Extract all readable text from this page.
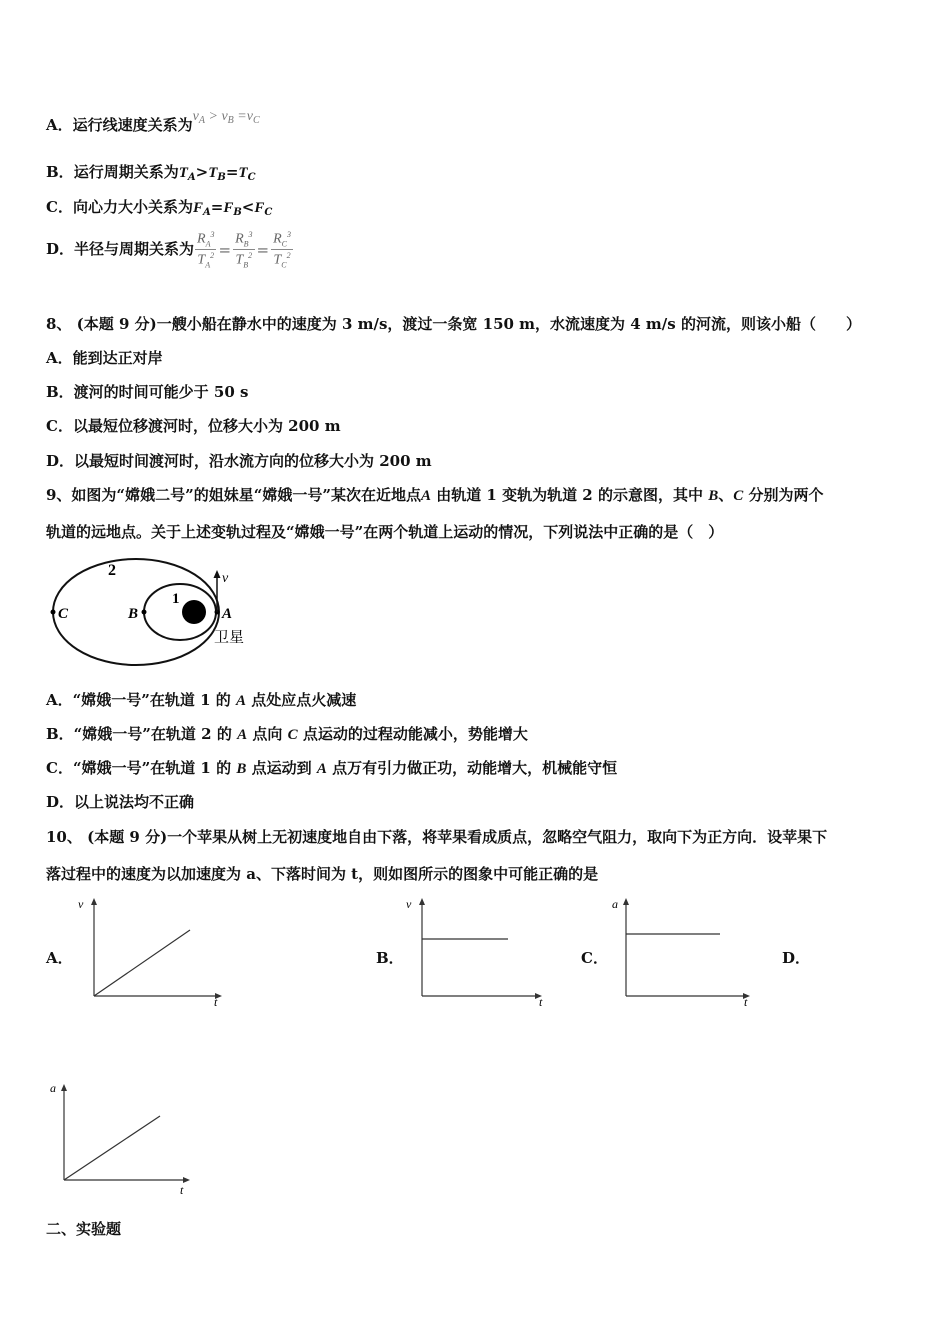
A．运行线速度关系为$v_A > v_B =v_C$
B．运行周期关系为$T_A>T_B=T_C$
C．向心力大小关系为$F_A=F_B<F_C$
D．半径与周期关系为 $\frac{R_A^3}{T_A^2} = \frac{R_B^3}{T_B^2} = \frac{R_C^3}{T_C^2}$
8、 (本题 9 分)一艘小船在静水中的速度为 3 m/s，渡过一条宽 150 m，水流速度为 4 m/s 的河流，则该小船（　　）
A．能到达正对岸
B．渡河的时间可能少于 50 s
C．以最短位移渡河时，位移大小为 200 m
D．以最短时间渡河时，沿水流方向的位移大小为 200 m
9、如图为“嫦娥二号”的姐妹星“嫦娥一号”某次在近地点A 由轨道 1 变轨为轨道 2 的示意图，其中 B、C 分别为两个
轨道的远地点。关于上述变轨过程及“嫦娥一号”在两个轨道上运动的情况，下列说法中正确的是（　）
2
1
C	B	A
v
卫星
A．“嫦娥一号”在轨道 1 的 A 点处应点火减速
B．“嫦娥一号”在轨道 2 的 A 点向 C 点运动的过程动能减小，势能增大
C．“嫦娥一号”在轨道 1 的 B 点运动到 A 点万有引力做正功，动能增大，机械能守恒
D．以上说法均不正确
10、 (本题 9 分)一个苹果从树上无初速度地自由下落，将苹果看成质点，忽略空气阻力，取向下为正方向．设苹果下
落过程中的速度为以加速度为 a、下落时间为 t，则如图所示的图象中可能正确的是
A．
v
t
B．
v
t
C．
a
t
D．
a
t
二、实验题
